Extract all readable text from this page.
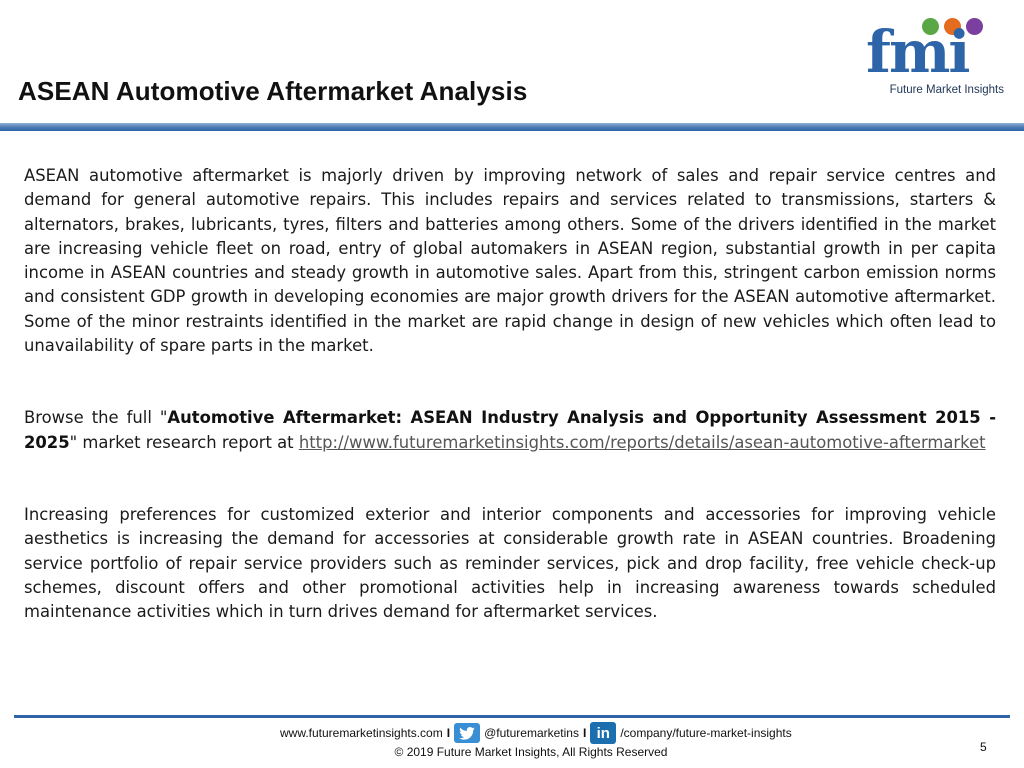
ASEAN Automotive Aftermarket Analysis
fmi
Future Market Insights

ASEAN automotive aftermarket is majorly driven by improving network of sales and repair service centres and demand for general automotive repairs. This includes repairs and services related to transmissions, starters & alternators, brakes, lubricants, tyres, filters and batteries among others. Some of the drivers identified in the market are increasing vehicle fleet on road, entry of global automakers in ASEAN region, substantial growth in per capita income in ASEAN countries and steady growth in automotive sales. Apart from this, stringent carbon emission norms and consistent GDP growth in developing economies are major growth drivers for the ASEAN automotive aftermarket. Some of the minor restraints identified in the market are rapid change in design of new vehicles which often lead to unavailability of spare parts in the market.

Browse the full "Automotive Aftermarket: ASEAN Industry Analysis and Opportunity Assessment 2015 - 2025" market research report at http://www.futuremarketinsights.com/reports/details/asean-automotive-aftermarket

Increasing preferences for customized exterior and interior components and accessories for improving vehicle aesthetics is increasing the demand for accessories at considerable growth rate in ASEAN countries. Broadening service portfolio of repair service providers such as reminder services, pick and drop facility, free vehicle check-up schemes, discount offers and other promotional activities help in increasing awareness towards scheduled maintenance activities which in turn drives demand for aftermarket services.

www.futuremarketinsights.com I	@futuremarketins I in /company/future-market-insights
© 2019 Future Market Insights, All Rights Reserved	5
